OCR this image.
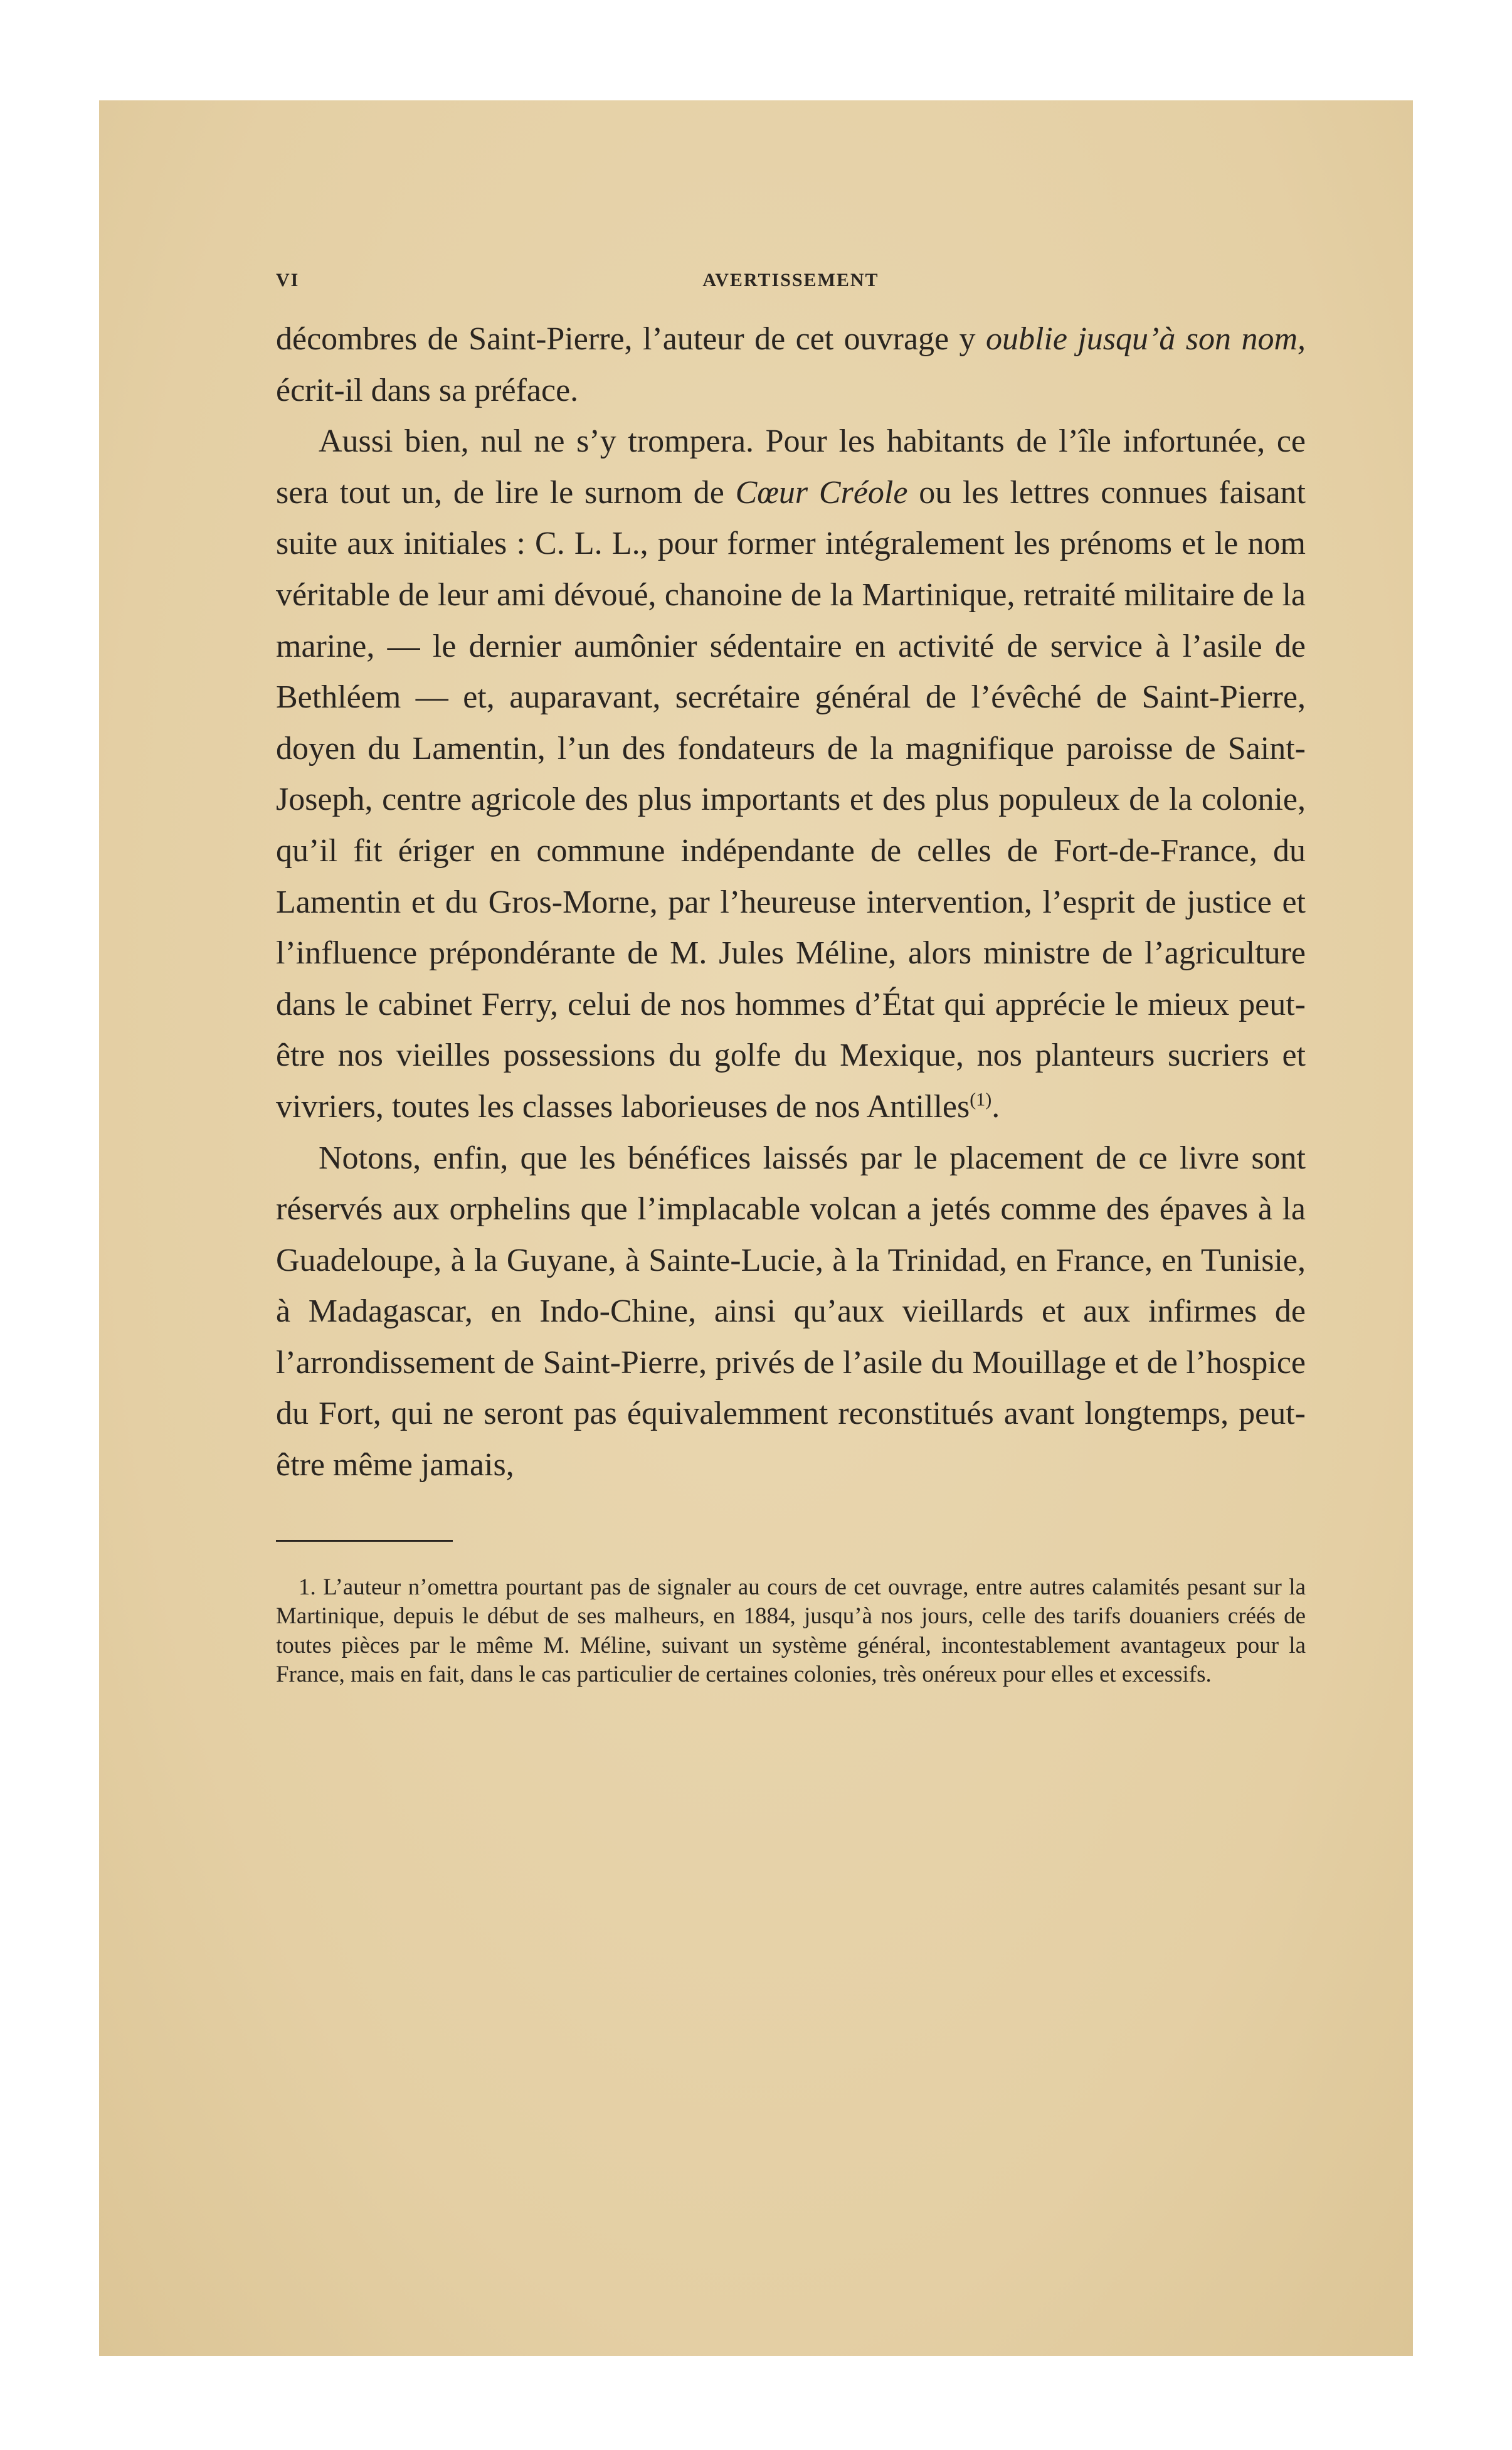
VI	AVERTISSEMENT

décombres de Saint-Pierre, l’auteur de cet ouvrage y oublie jusqu’à son nom, écrit-il dans sa préface.

Aussi bien, nul ne s’y trompera. Pour les habitants de l’île infortunée, ce sera tout un, de lire le surnom de Cœur Créole ou les lettres connues faisant suite aux initiales : C. L. L., pour former intégralement les prénoms et le nom véritable de leur ami dévoué, chanoine de la Martinique, retraité militaire de la marine, — le dernier aumônier sédentaire en activité de service à l’asile de Bethléem — et, auparavant, secrétaire général de l’évêché de Saint-Pierre, doyen du Lamentin, l’un des fondateurs de la magnifique paroisse de Saint-Joseph, centre agricole des plus importants et des plus populeux de la colonie, qu’il fit ériger en commune indépendante de celles de Fort-de-France, du Lamentin et du Gros-Morne, par l’heureuse intervention, l’esprit de justice et l’influence prépondérante de M. Jules Méline, alors ministre de l’agriculture dans le cabinet Ferry, celui de nos hommes d’État qui apprécie le mieux peut-être nos vieilles possessions du golfe du Mexique, nos planteurs sucriers et vivriers, toutes les classes laborieuses de nos Antilles$^{(1)}$.

Notons, enfin, que les bénéfices laissés par le placement de ce livre sont réservés aux orphelins que l’implacable volcan a jetés comme des épaves à la Guadeloupe, à la Guyane, à Sainte-Lucie, à la Trinidad, en France, en Tunisie, à Madagascar, en Indo-Chine, ainsi qu’aux vieillards et aux infirmes de l’arrondissement de Saint-Pierre, privés de l’asile du Mouillage et de l’hospice du Fort, qui ne seront pas équivalemment reconstitués avant longtemps, peut-être même jamais,

1. L’auteur n’omettra pourtant pas de signaler au cours de cet ouvrage, entre autres calamités pesant sur la Martinique, depuis le début de ses malheurs, en 1884, jusqu’à nos jours, celle des tarifs douaniers créés de toutes pièces par le même M. Méline, suivant un système général, incontestablement avantageux pour la France, mais en fait, dans le cas particulier de certaines colonies, très onéreux pour elles et excessifs.
